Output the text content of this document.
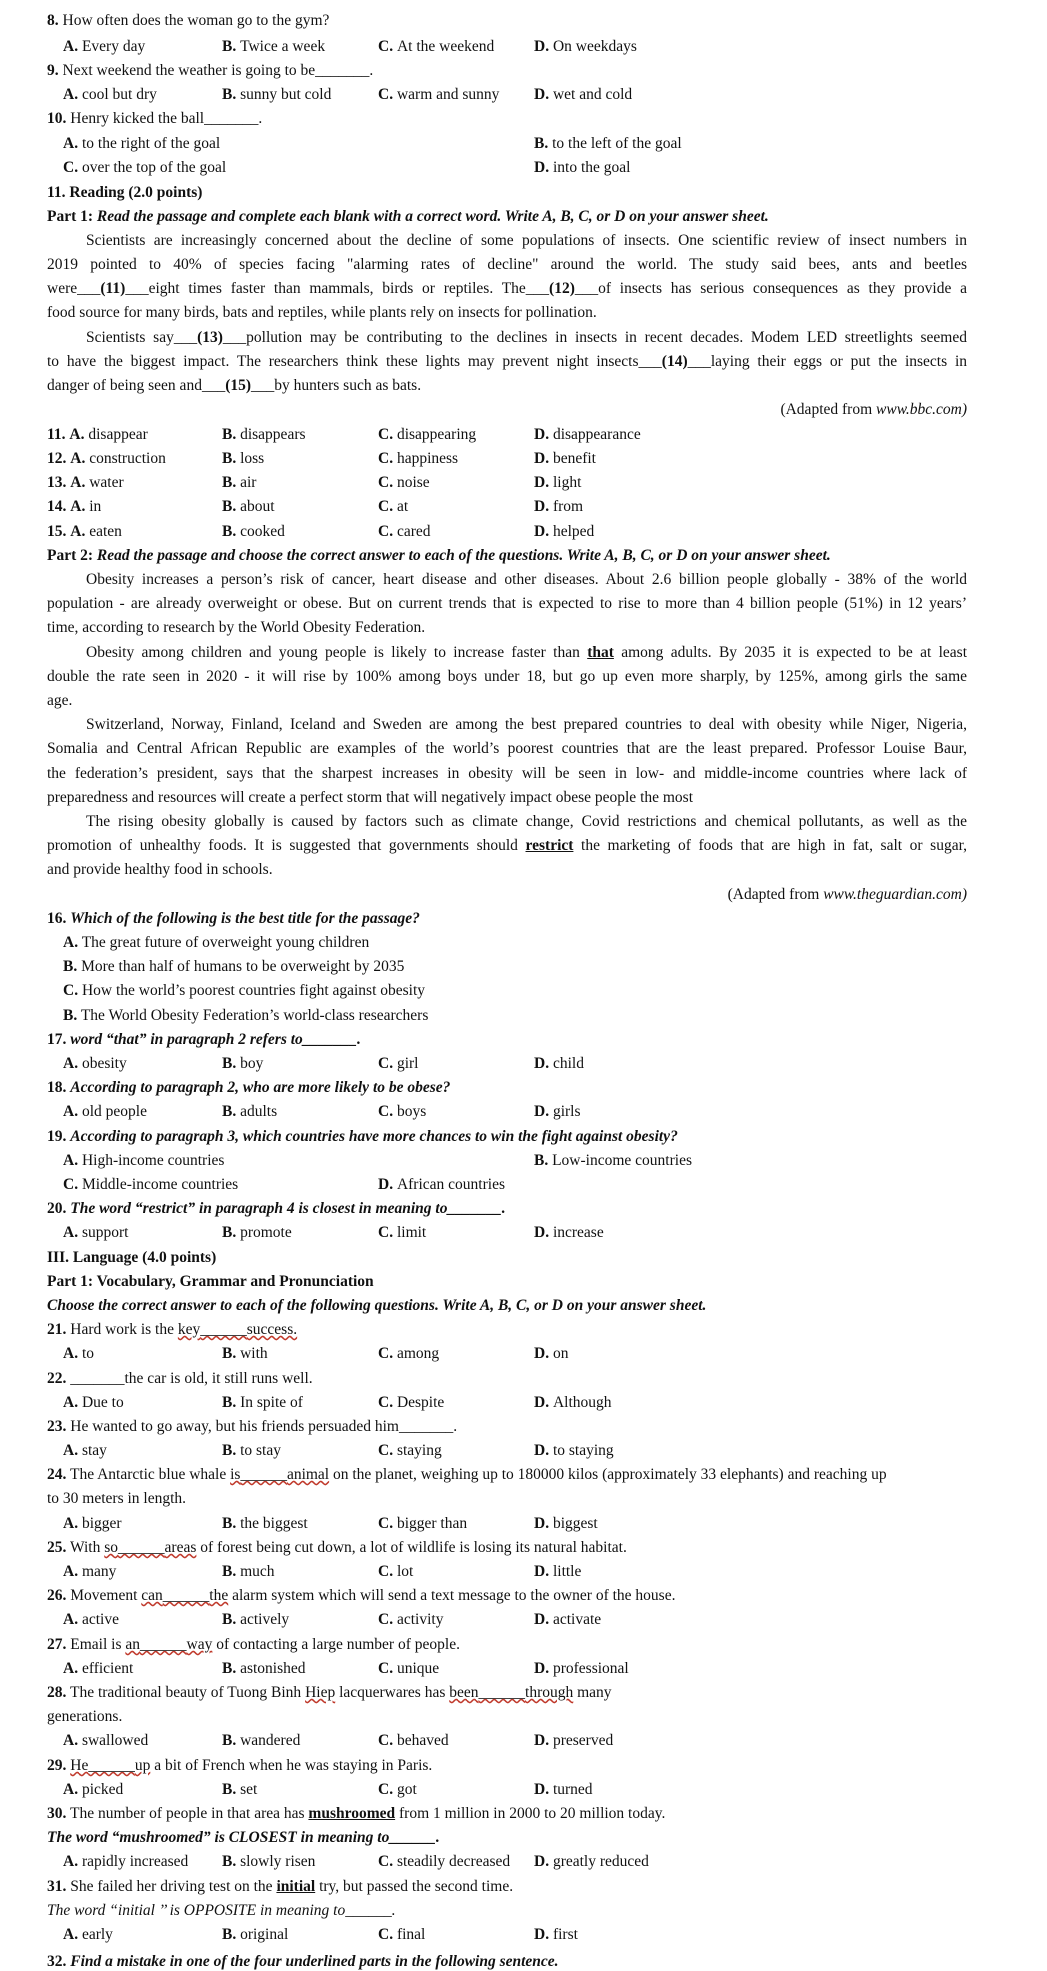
8. How often does the woman go to the gym?
A. Every day	B. Twice a week	C. At the weekend	D. On weekdays
9. Next weekend the weather is going to be_______.
A. cool but dry	B. sunny but cold	C. warm and sunny D. wet and cold
10. Henry kicked the ball_______.
A. to the right of the goal	B. to the left of the goal
C. over the top of the goal	D. into the goal
11. Reading (2.0 points)
Part 1: Read the passage and complete each blank with a correct word. Write A, B, C, or D on your answer sheet.
Scientists are increasingly concerned about the decline of some populations of insects. One scientific review of insect numbers in
2019 pointed to 40% of species facing "alarming rates of decline" around the world. The study said bees, ants and beetles
were___(11)___eight times faster than mammals, birds or reptiles. The___(12)___of insects has serious consequences as they provide a
food source for many birds, bats and reptiles, while plants rely on insects for pollination.
Scientists say___(13)___pollution may be contributing to the declines in insects in recent decades. Modem LED streetlights seemed
to have the biggest impact. The researchers think these lights may prevent night insects___(14)___laying their eggs or put the insects in
danger of being seen and___(15)___by hunters such as bats.
(Adapted from www.bbc.com)
11. A. disappear	B. disappears	C. disappearing	D. disappearance
12. A. construction	B. loss	C. happiness	D. benefit
13. A. water	B. air	C. noise	D. light
14. A. in	B. about	C. at	D. from
15. A. eaten	B. cooked	C. cared	D. helped
Part 2: Read the passage and choose the correct answer to each of the questions. Write A, B, C, or D on your answer sheet.
Obesity increases a person’s risk of cancer, heart disease and other diseases. About 2.6 billion people globally - 38% of the world
population - are already overweight or obese. But on current trends that is expected to rise to more than 4 billion people (51%) in 12 years’
time, according to research by the World Obesity Federation.
Obesity among children and young people is likely to increase faster than that among adults. By 2035 it is expected to be at least
double the rate seen in 2020 - it will rise by 100% among boys under 18, but go up even more sharply, by 125%, among girls the same
age.
Switzerland, Norway, Finland, Iceland and Sweden are among the best prepared countries to deal with obesity while Niger, Nigeria,
Somalia and Central African Republic are examples of the world’s poorest countries that are the least prepared. Professor Louise Baur,
the federation’s president, says that the sharpest increases in obesity will be seen in low- and middle-income countries where lack of
preparedness and resources will create a perfect storm that will negatively impact obese people the most
The rising obesity globally is caused by factors such as climate change, Covid restrictions and chemical pollutants, as well as the
promotion of unhealthy foods. It is suggested that governments should restrict the marketing of foods that are high in fat, salt or sugar,
and provide healthy food in schools.
(Adapted from www.theguardian.com)
16. Which of the following is the best title for the passage?
A. The great future of overweight young children
B. More than half of humans to be overweight by 2035
C. How the world’s poorest countries fight against obesity
B. The World Obesity Federation’s world-class researchers
17. word “that” in paragraph 2 refers to_______.
A. obesity	B. boy	C. girl	D. child
18. According to paragraph 2, who are more likely to be obese?
A. old people	B. adults	C. boys	D. girls
19. According to paragraph 3, which countries have more chances to win the fight against obesity?
A. High-income countries	B. Low-income countries
C. Middle-income countries	D. African countries
20. The word “restrict” in paragraph 4 is closest in meaning to_______.
A. support	B. promote	C. limit	D. increase
III. Language (4.0 points)
Part 1: Vocabulary, Grammar and Pronunciation
Choose the correct answer to each of the following questions. Write A, B, C, or D on your answer sheet.
21. Hard work is the key______success.
A. to	B. with	C. among	D. on
22. _______the car is old, it still runs well.
A. Due to	B. In spite of	C. Despite	D. Although
23. He wanted to go away, but his friends persuaded him_______.
A. stay	B. to stay	C. staying	D. to staying
24. The Antarctic blue whale is______animal on the planet, weighing up to 180000 kilos (approximately 33 elephants) and reaching up
to 30 meters in length.
A. bigger	B. the biggest	C. bigger than	D. biggest
25. With so______areas of forest being cut down, a lot of wildlife is losing its natural habitat.
A. many	B. much	C. lot	D. little
26. Movement can______the alarm system which will send a text message to the owner of the house.
A. active	B. actively	C. activity	D. activate
27. Email is an______way of contacting a large number of people.
A. efficient	B. astonished	C. unique	D. professional
28. The traditional beauty of Tuong Binh Hiep lacquerwares has been______through many
generations.
A. swallowed	B. wandered	C. behaved	D. preserved
29. He______up a bit of French when he was staying in Paris.
A. picked	B. set	C. got	D. turned
30. The number of people in that area has mushroomed from 1 million in 2000 to 20 million today.
The word “mushroomed” is CLOSEST in meaning to______.
A. rapidly increased B. slowly risen	C. steadily decreased D. greatly reduced
31. She failed her driving test on the initial try, but passed the second time.
The word “initial ’’ is OPPOSITE in meaning to______.
A. early	B. original	C. final	D. first
32. Find a mistake in one of the four underlined parts in the following sentence.
